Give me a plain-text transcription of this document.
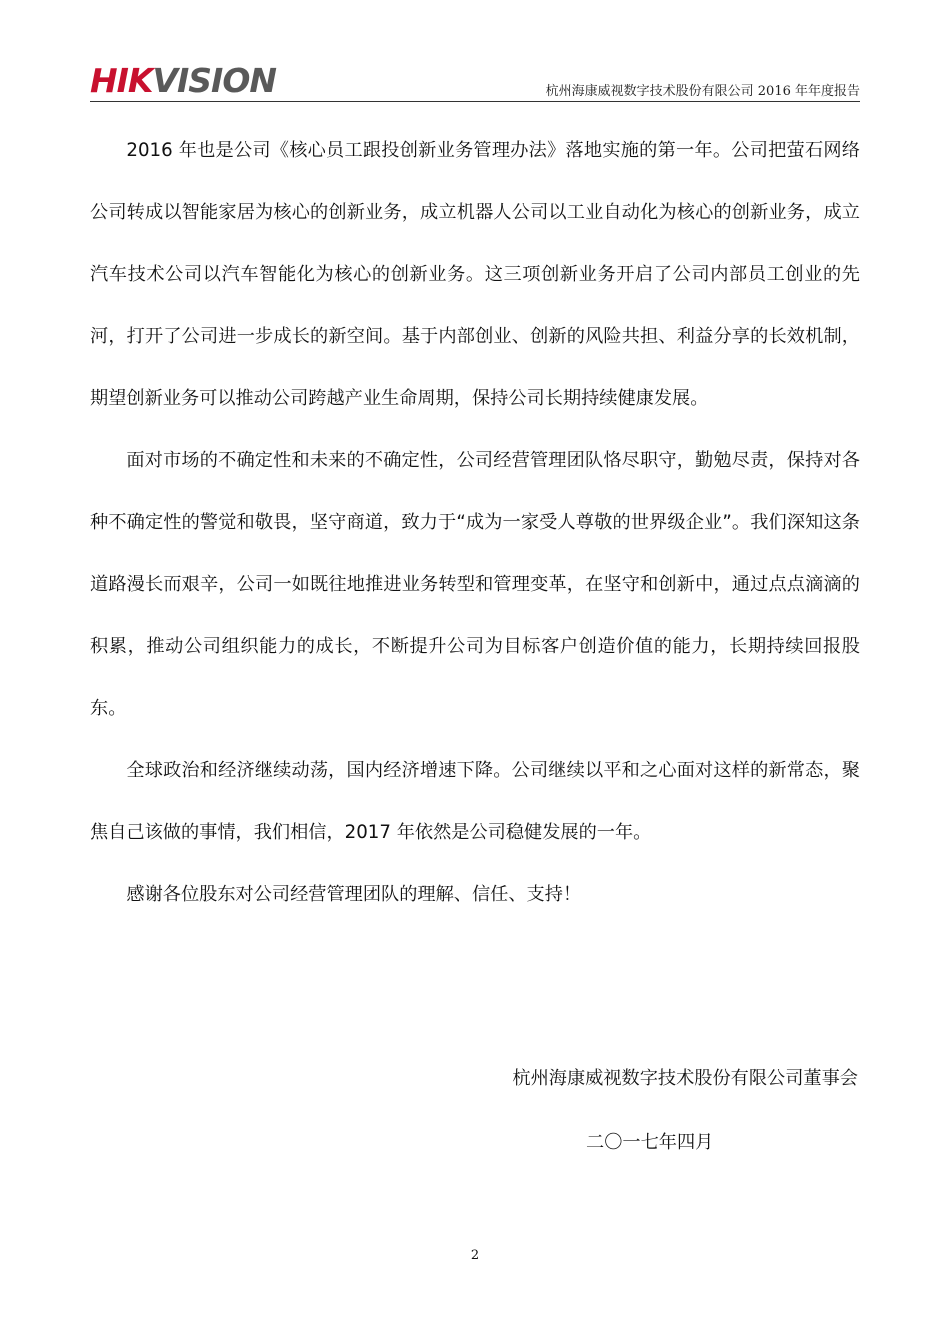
HIKVISION	杭州海康威视数字技术股份有限公司 2016 年年度报告

2016 年也是公司《核心员工跟投创新业务管理办法》落地实施的第一年。公司把萤石网络公司转成以智能家居为核心的创新业务，成立机器人公司以工业自动化为核心的创新业务，成立汽车技术公司以汽车智能化为核心的创新业务。这三项创新业务开启了公司内部员工创业的先河，打开了公司进一步成长的新空间。基于内部创业、创新的风险共担、利益分享的长效机制，期望创新业务可以推动公司跨越产业生命周期，保持公司长期持续健康发展。

面对市场的不确定性和未来的不确定性，公司经营管理团队恪尽职守，勤勉尽责，保持对各种不确定性的警觉和敬畏，坚守商道，致力于“成为一家受人尊敬的世界级企业”。我们深知这条道路漫长而艰辛，公司一如既往地推进业务转型和管理变革，在坚守和创新中，通过点点滴滴的积累，推动公司组织能力的成长，不断提升公司为目标客户创造价值的能力，长期持续回报股东。

全球政治和经济继续动荡，国内经济增速下降。公司继续以平和之心面对这样的新常态，聚焦自己该做的事情，我们相信，2017 年依然是公司稳健发展的一年。

感谢各位股东对公司经营管理团队的理解、信任、支持！

杭州海康威视数字技术股份有限公司董事会
二〇一七年四月
2
